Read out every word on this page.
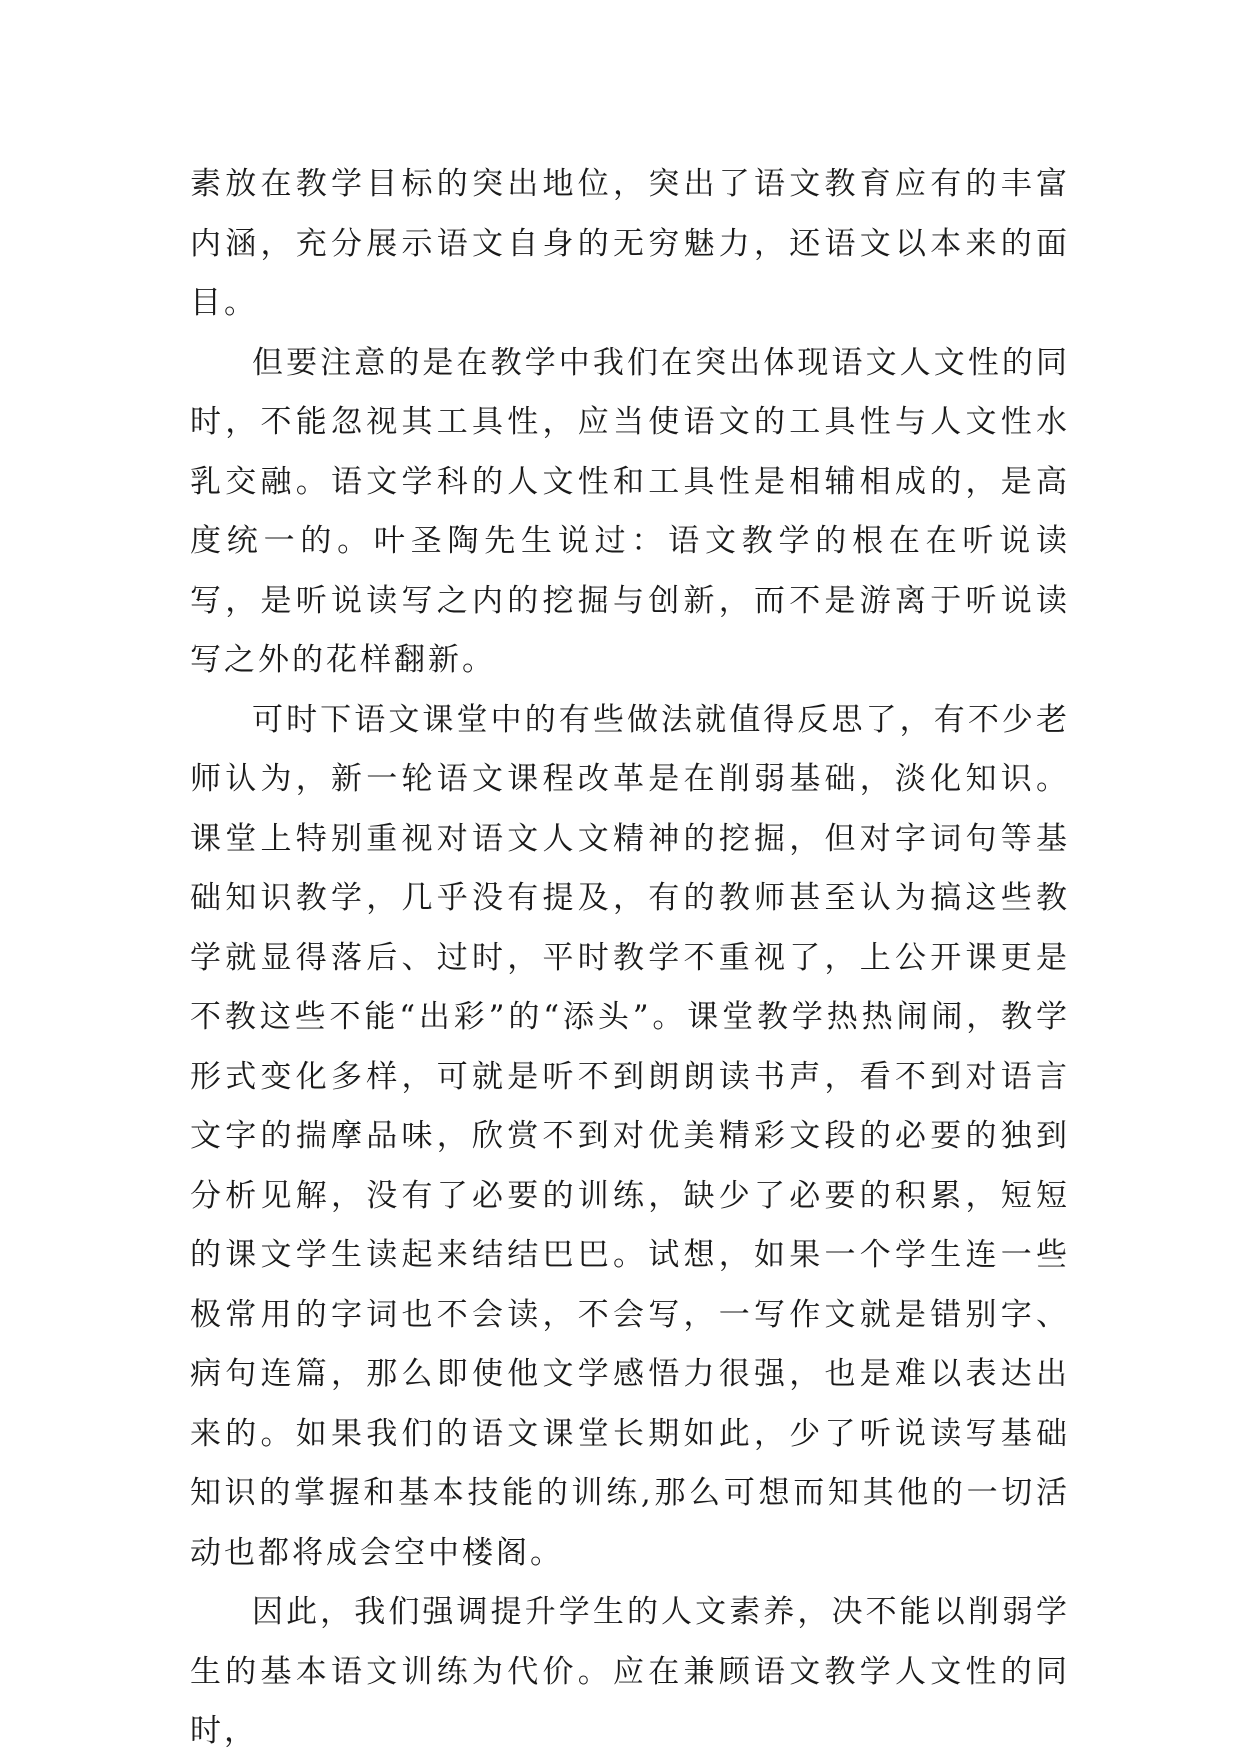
素放在教学目标的突出地位，突出了语文教育应有的丰富内涵，充分展示语文自身的无穷魅力，还语文以本来的面目。

但要注意的是在教学中我们在突出体现语文人文性的同时，不能忽视其工具性，应当使语文的工具性与人文性水乳交融。语文学科的人文性和工具性是相辅相成的，是高度统一的。叶圣陶先生说过：语文教学的根在在听说读写，是听说读写之内的挖掘与创新，而不是游离于听说读写之外的花样翻新。

可时下语文课堂中的有些做法就值得反思了，有不少老师认为，新一轮语文课程改革是在削弱基础，淡化知识。课堂上特别重视对语文人文精神的挖掘，但对字词句等基础知识教学，几乎没有提及，有的教师甚至认为搞这些教学就显得落后、过时，平时教学不重视了，上公开课更是不教这些不能“出彩”的“添头”。课堂教学热热闹闹，教学形式变化多样，可就是听不到朗朗读书声，看不到对语言文字的揣摩品味，欣赏不到对优美精彩文段的必要的独到分析见解，没有了必要的训练，缺少了必要的积累，短短的课文学生读起来结结巴巴。试想，如果一个学生连一些极常用的字词也不会读，不会写，一写作文就是错别字、病句连篇，那么即使他文学感悟力很强，也是难以表达出来的。如果我们的语文课堂长期如此，少了听说读写基础知识的掌握和基本技能的训练,那么可想而知其他的一切活动也都将成会空中楼阁。

因此，我们强调提升学生的人文素养，决不能以削弱学生的基本语文训练为代价。应在兼顾语文教学人文性的同时，
